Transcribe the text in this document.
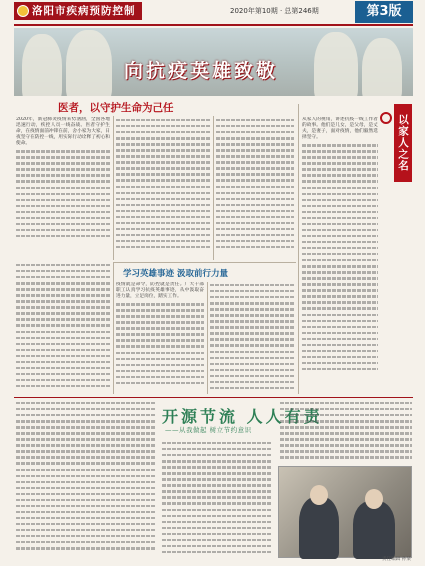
洛阳市疾病预防控制	2020年第10期 · 总第246期	第3版
向抗疫英雄致敬
以家人之名
医者，以守护生命为己任
2020年，新冠肺炎疫情来势汹汹，全国各地迅速行动，疾控人员一线奋战。医者守护生命，在疫情面前冲锋在前，舍小家为大家，日夜坚守在防控一线，用实际行动诠释了初心和使命。
从家人的视角，讲述抗疫一线工作者的故事。他们是儿女，是父母，是丈夫，是妻子，面对疫情，他们毅然选择坚守。
学习英雄事迹 汲取前行力量
疫情就是命令，防控就是责任。广大干部职工认真学习抗疫英雄事迹，从中汲取奋进力量，立足岗位，踏实工作。
开源节流 人人有责
——从我做起 树立节约意识
责任编辑 孙某
